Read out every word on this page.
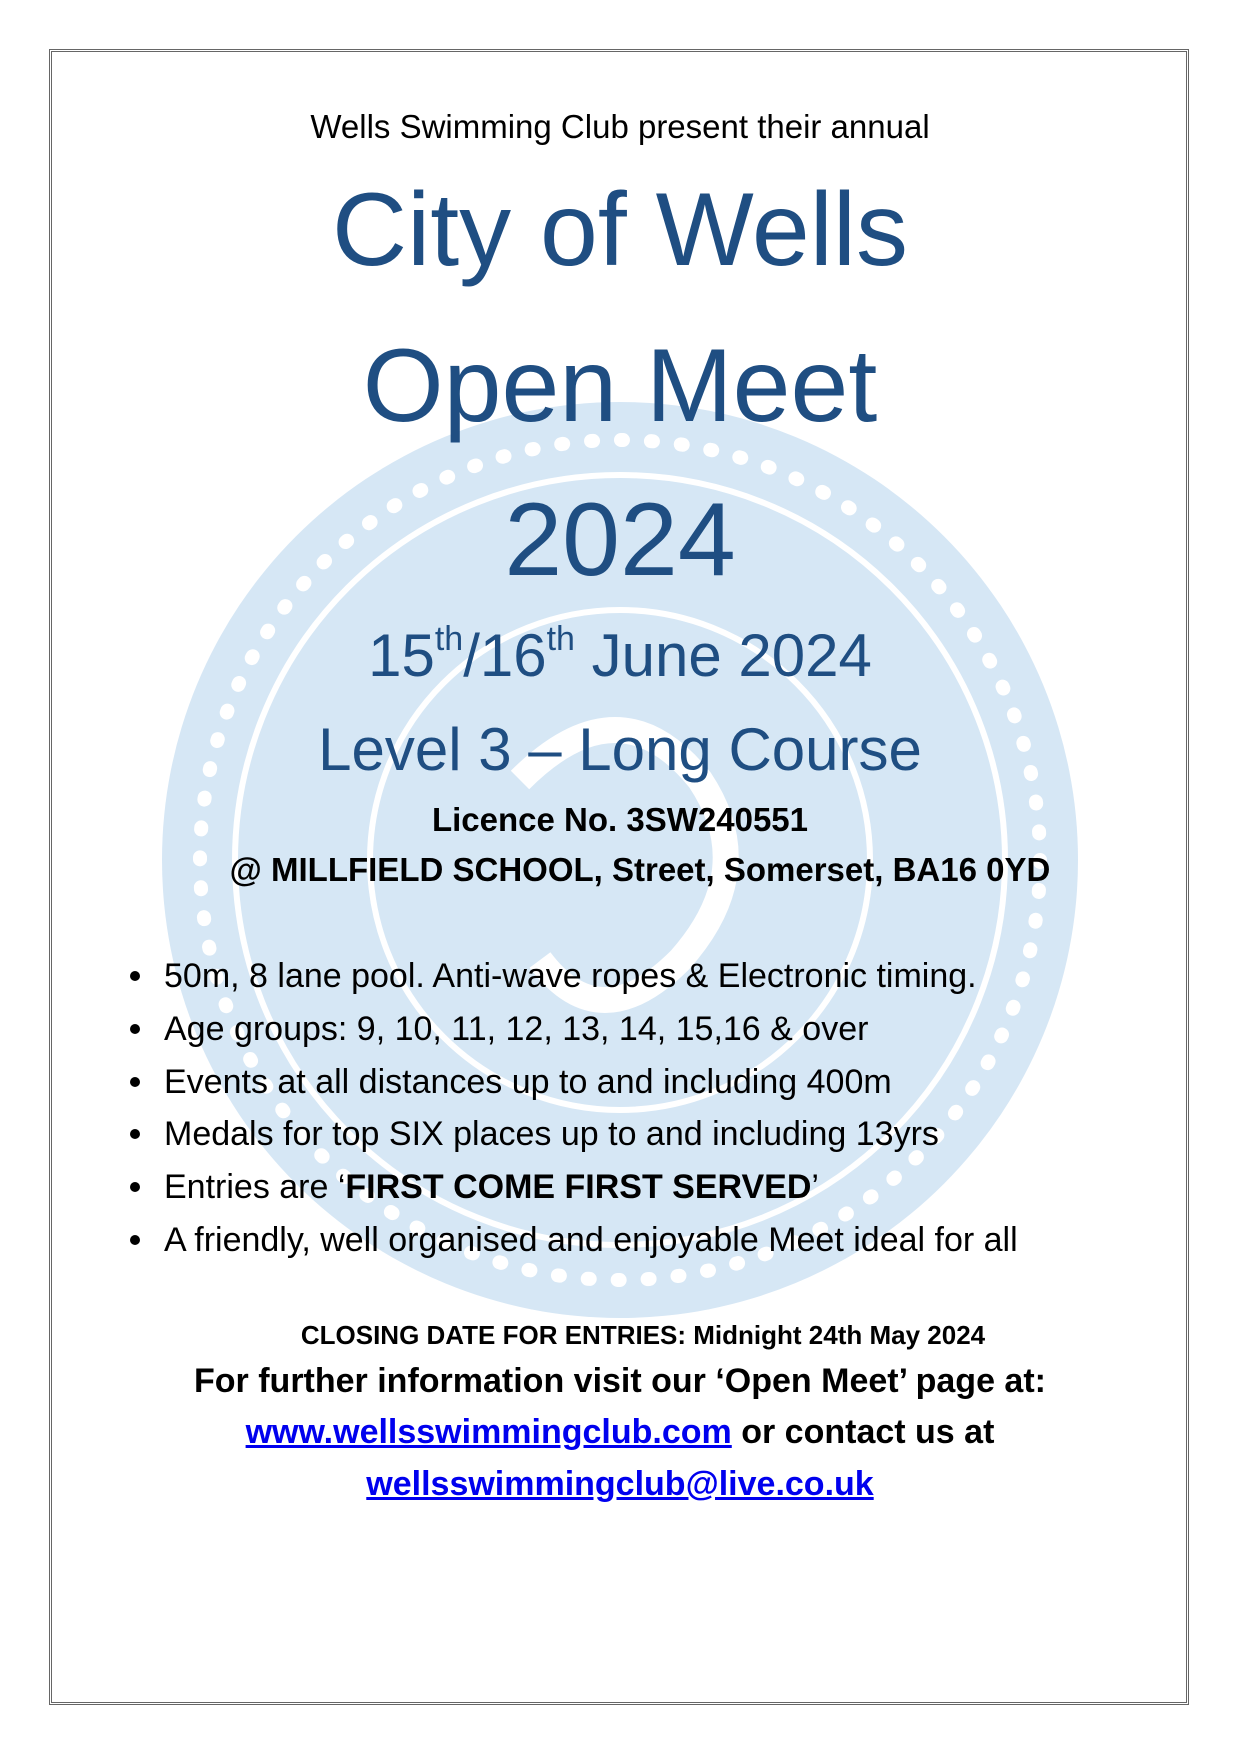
Wells Swimming Club present their annual
City of Wells
Open Meet
2024
15th/16th June 2024
Level 3 – Long Course
Licence No. 3SW240551
@ MILLFIELD SCHOOL, Street, Somerset, BA16 0YD
50m, 8 lane pool. Anti-wave ropes & Electronic timing.
Age groups: 9, 10, 11, 12, 13, 14, 15,16 & over
Events at all distances up to and including 400m
Medals for top SIX places up to and including 13yrs
Entries are ‘FIRST COME FIRST SERVED’
A friendly, well organised and enjoyable Meet ideal for all
CLOSING DATE FOR ENTRIES: Midnight 24th May 2024
For further information visit our ‘Open Meet’ page at:
www.wellsswimmingclub.com or contact us at
wellsswimmingclub@live.co.uk
